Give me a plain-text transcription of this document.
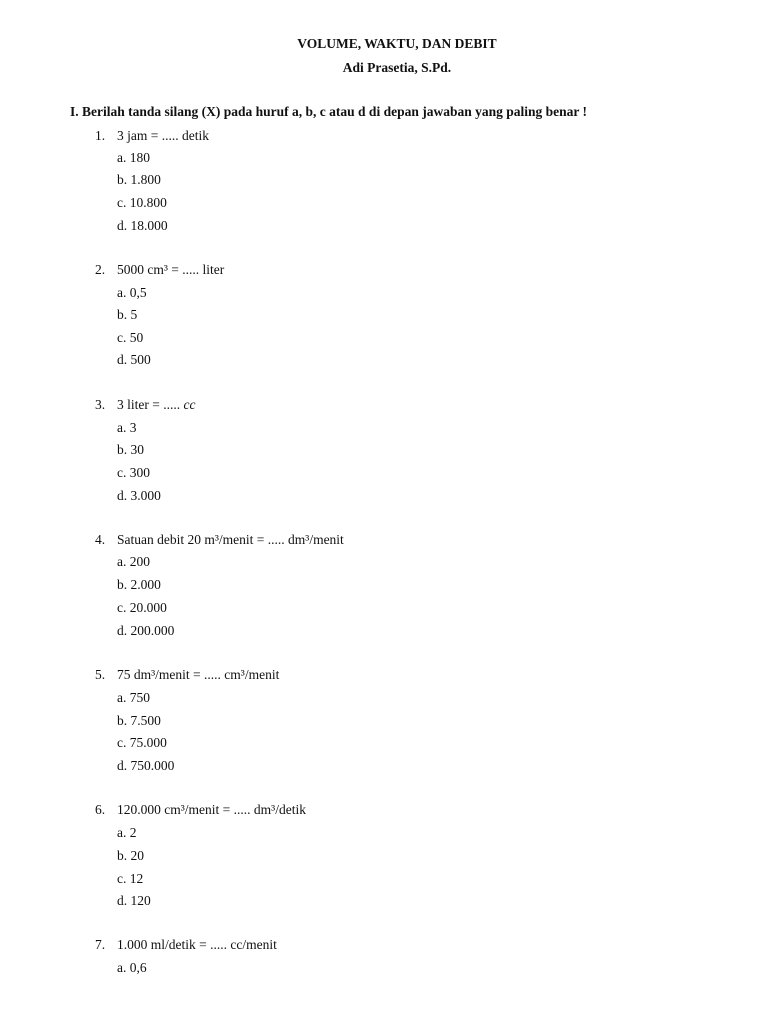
VOLUME, WAKTU, DAN DEBIT
Adi Prasetia, S.Pd.
I. Berilah tanda silang (X) pada huruf a, b, c atau d di depan jawaban yang paling benar !
1. 3 jam = ..... detik
a. 180
b. 1.800
c. 10.800
d. 18.000
2. 5000 cm³ = ..... liter
a. 0,5
b. 5
c. 50
d. 500
3. 3 liter = ..... cc
a. 3
b. 30
c. 300
d. 3.000
4. Satuan debit 20 m³/menit = ..... dm³/menit
a. 200
b. 2.000
c. 20.000
d. 200.000
5. 75 dm³/menit = ..... cm³/menit
a. 750
b. 7.500
c. 75.000
d. 750.000
6. 120.000 cm³/menit = ..... dm³/detik
a. 2
b. 20
c. 12
d. 120
7. 1.000 ml/detik = ..... cc/menit
a. 0,6
